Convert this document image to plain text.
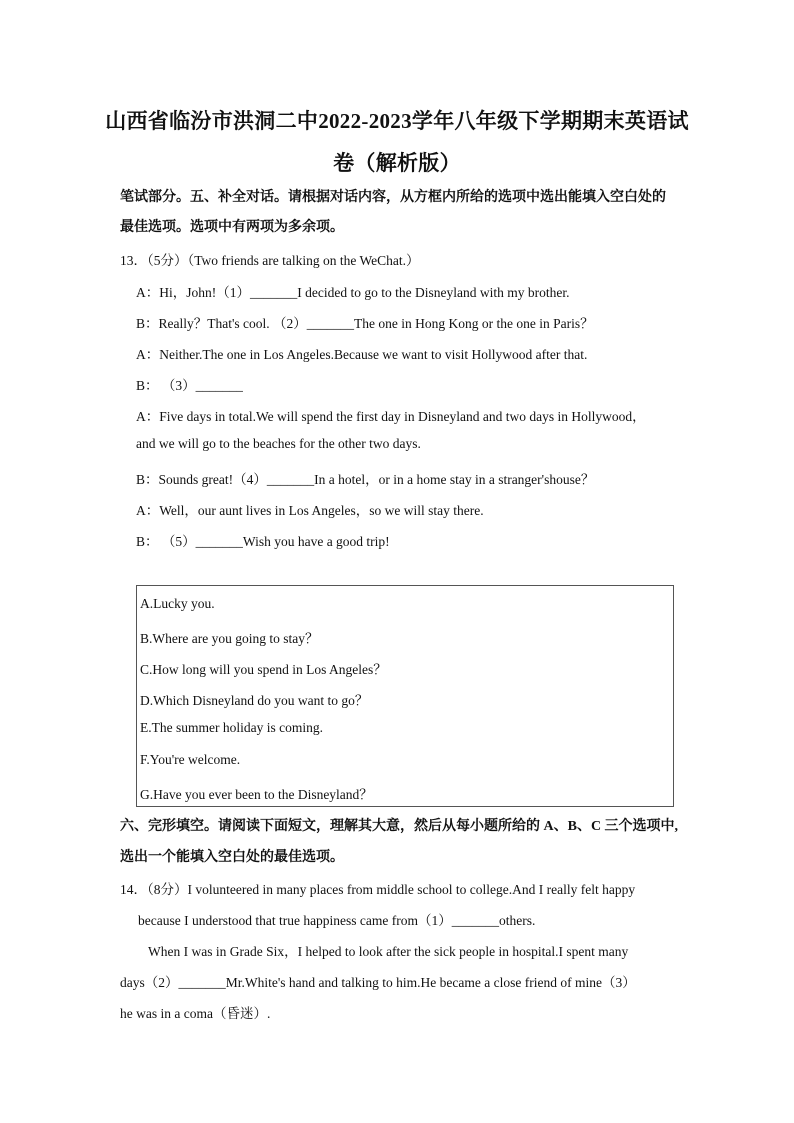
山西省临汾市洪洞二中2022-2023学年八年级下学期期末英语试
卷（解析版）
笔试部分。五、补全对话。请根据对话内容，从方框内所给的选项中选出能填入空白处的
最佳选项。选项中有两项为多余项。
13．（5分）（Two friends are talking on the WeChat.）
A：Hi，John!（1）_______I decided to go to the Disneyland with my brother.
B：Really？That's cool. （2）_______The one in Hong Kong or the one in Paris？
A：Neither.The one in Los Angeles.Because we want to visit Hollywood after that.
B： （3）_______
A：Five days in total.We will spend the first day in Disneyland and two days in Hollywood，
and we will go to the beaches for the other two days.
B：Sounds great!（4）_______In a hotel，or in a home stay in a stranger'shouse？
A：Well，our aunt lives in Los Angeles，so we will stay there.
B： （5）_______Wish you have a good trip!
A.Lucky you.
B.Where are you going to stay？
C.How long will you spend in Los Angeles？
D.Which Disneyland do you want to go？
E.The summer holiday is coming.
F.You're welcome.
G.Have you ever been to the Disneyland？
六、完形填空。请阅读下面短文，理解其大意，然后从每小题所给的 A、B、C 三个选项中,
选出一个能填入空白处的最佳选项。
14．（8分）I volunteered in many places from middle school to college.And I really felt happy
because I understood that true happiness came from（1）_______others.
When I was in Grade Six，I helped to look after the sick people in hospital.I spent many
days（2）_______Mr.White's hand and talking to him.He became a close friend of mine（3）
he was in a coma（昏迷）.
